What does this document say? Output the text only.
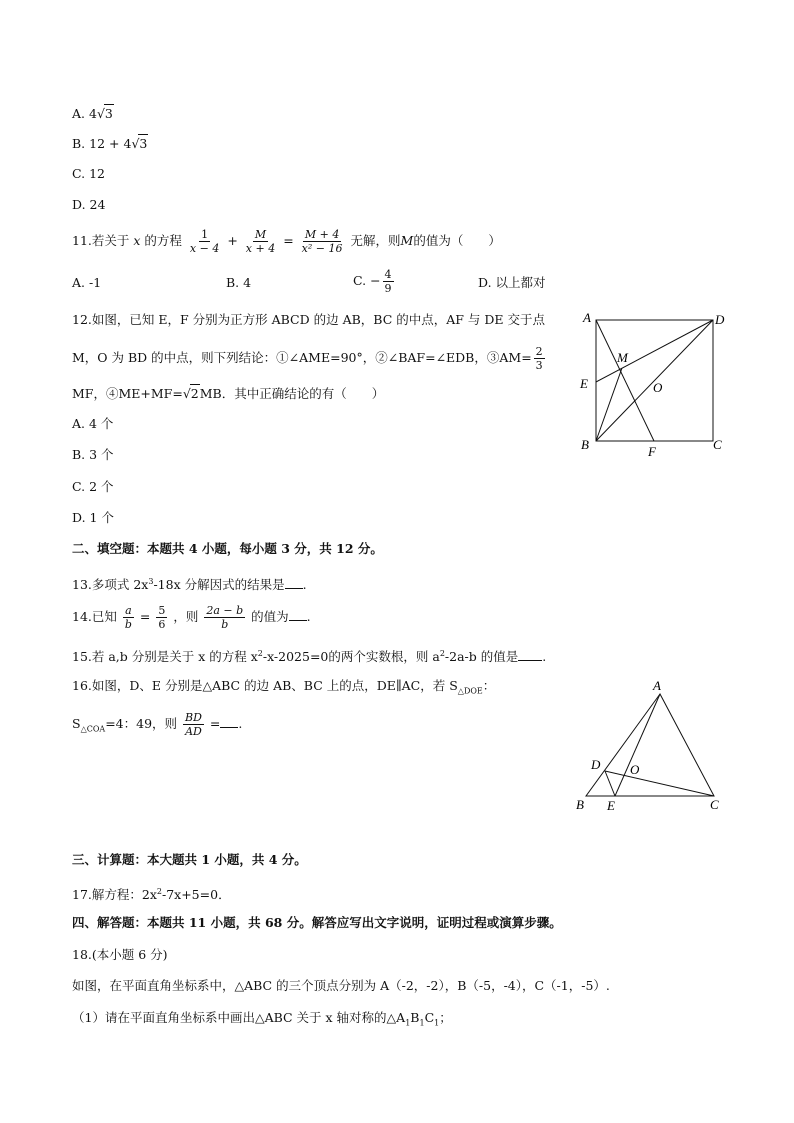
A. 4√3
B. 12 + 4√3
C. 12
D. 24
11.若关于 x 的方程 $\frac{1}{x - 4} + \frac{M}{x + 4} = \frac{M + 4}{\text{x² − 16}}$ 无解，则M的值为（　　）
A. -1	B. 4	C. − $\frac{4}{9}$	D. 以上都对
12.如图，已知 E，F 分别为正方形 ABCD 的边 AB，BC 的中点，AF 与 DE 交于点
M，O 为 BD 的中点，则下列结论：①∠AME=90°，②∠BAF=∠EDB，③AM= $\frac{2}{3}$
MF，④ME+MF=√2MB．其中正确结论的有（　　）
A. 4 个
B. 3 个
C. 2 个
D. 1 个
A	D
M
E	O
B	F	C
二、填空题：本题共 4 小题，每小题 3 分，共 12 分。
13.多项式 $2x^3-18x$ 分解因式的结果是 .
14.已知 $\frac{a}{b} = \frac{5}{6}$ ，则 $\frac{2a - b}{b}$ 的值为 .
15.若 a,b 分别是关于 x 的方程 $x^2-x-2025=0$的两个实数根，则 $a^2-2a-b$ 的值是 .
16.如图，D、E 分别是△ABC 的边 AB、BC 上的点，DE∥AC，若 $S_{\triangle DOE}$：
$S_{\triangle COA}=4$：49，则 $\frac{BD}{AD}$ = .
A
D O
B E	C
三、计算题：本大题共 1 小题，共 4 分。
17.解方程：$2x^2-7x+5=0$．
四、解答题：本题共 11 小题，共 68 分。解答应写出文字说明，证明过程或演算步骤。
18.(本小题 6 分)
如图，在平面直角坐标系中，△ABC 的三个顶点分别为 A（-2，-2），B（-5，-4），C（-1，-5）.
（1）请在平面直角坐标系中画出△ABC 关于 x 轴对称的$\triangle A_1B_1C_1$；
